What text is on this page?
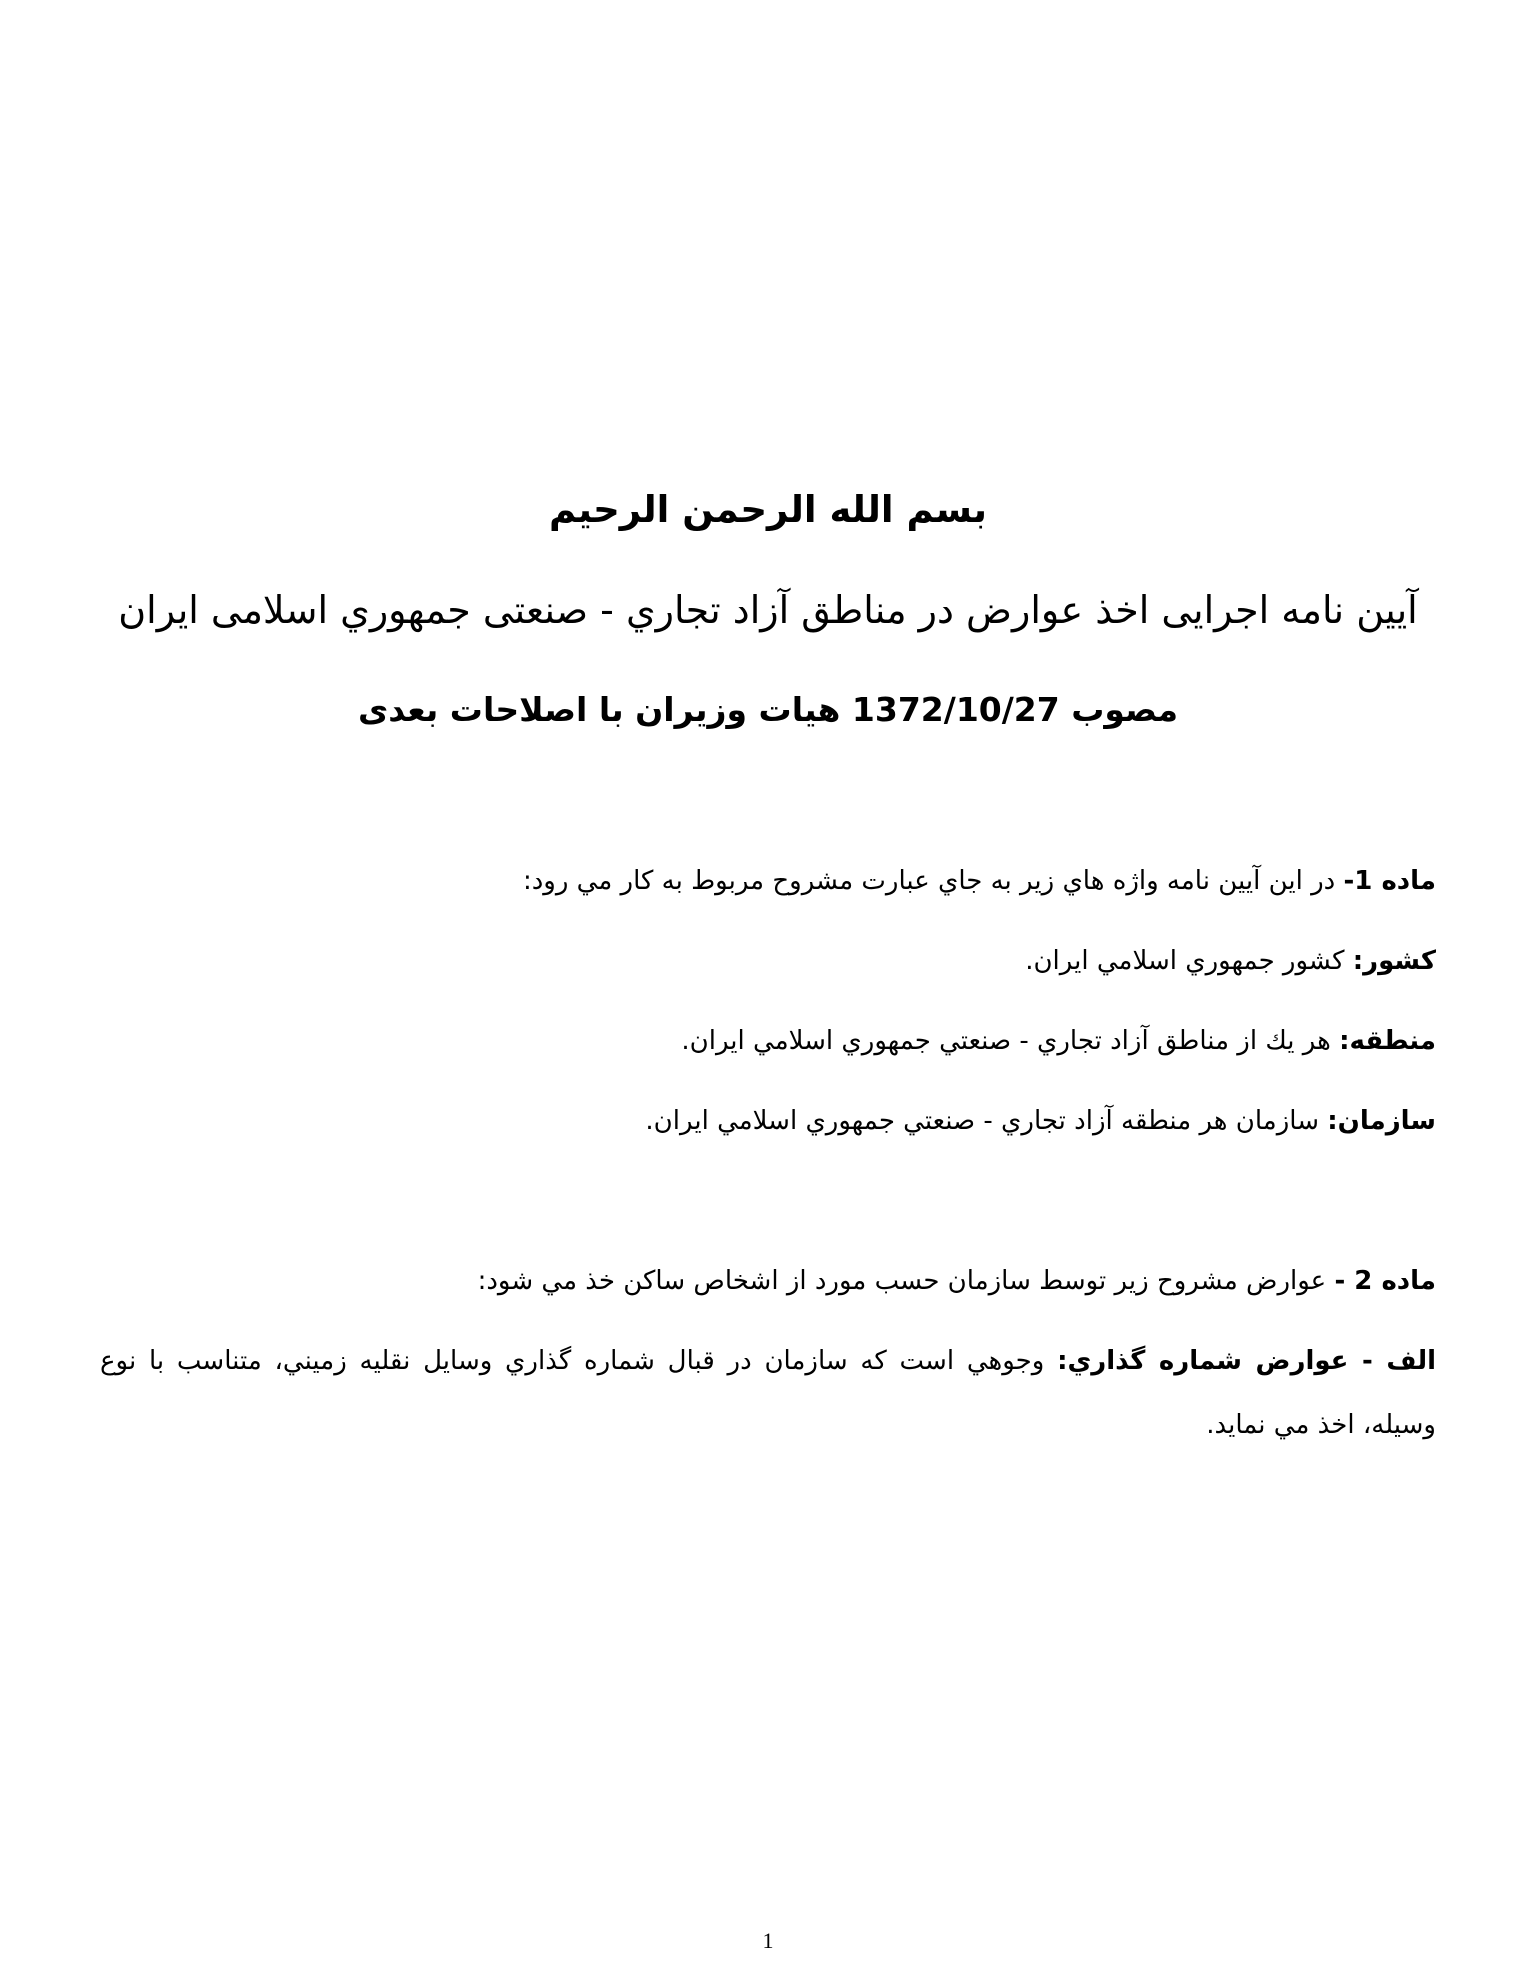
بسم الله الرحمن الرحيم
آيين نامه اجرايی اخذ عوارض در مناطق آزاد تجاري - صنعتی جمهوري اسلامی ايران
مصوب 1372/10/27 هيات وزيران با اصلاحات بعدی
ماده 1- در اين آيين نامه واژه هاي زير به جاي عبارت مشروح مربوط به كار مي رود:
كشور: كشور جمهوري اسلامي ايران.
منطقه: هر يك از مناطق آزاد تجاري - صنعتي جمهوري اسلامي ايران.
سازمان: سازمان هر منطقه آزاد تجاري - صنعتي جمهوري اسلامي ايران.
ماده 2 - عوارض مشروح زير توسط سازمان حسب مورد از اشخاص ساكن خذ مي شود:
الف - عوارض شماره گذاري: وجوهي است كه سازمان در قبال شماره گذاري وسايل نقليه زميني، متناسب با نوع
وسيله، اخذ مي نمايد.
1
